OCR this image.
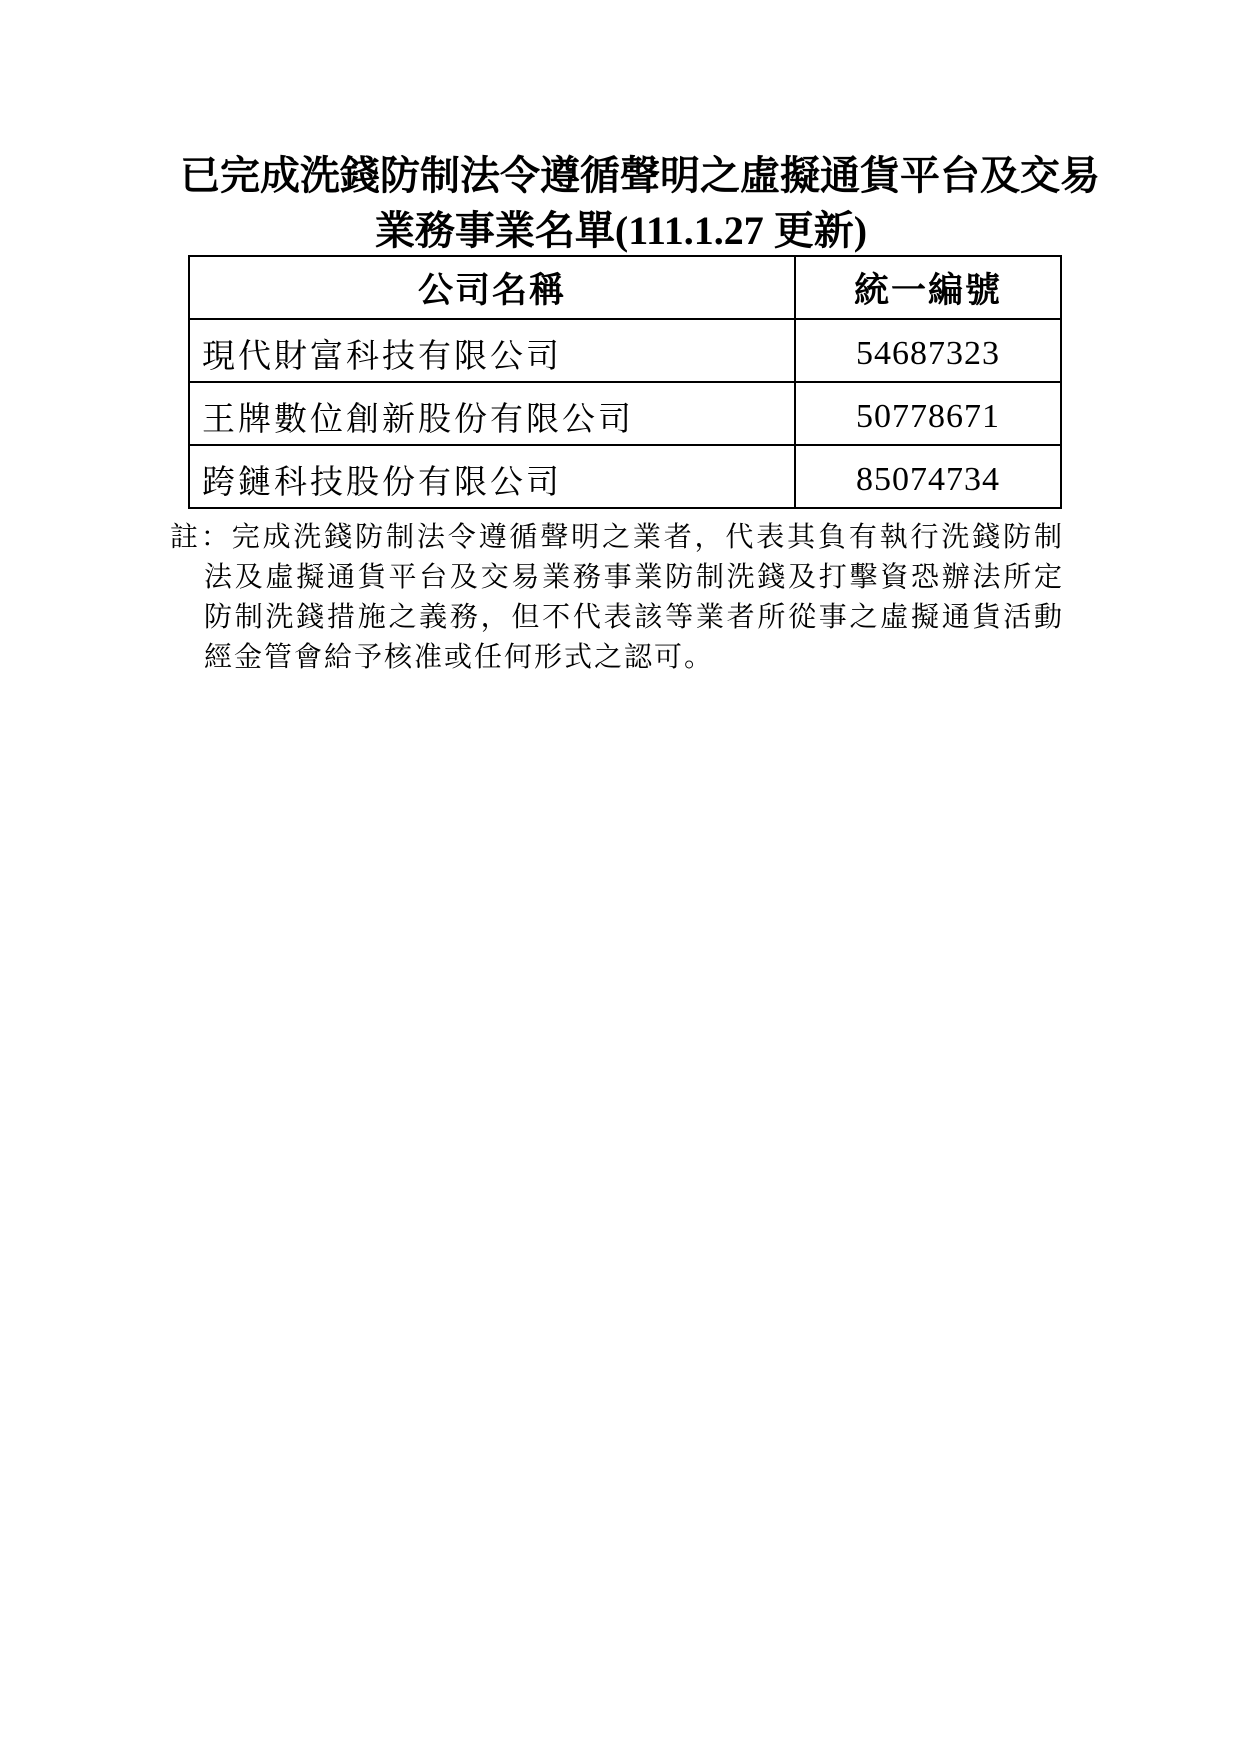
已完成洗錢防制法令遵循聲明之虛擬通貨平台及交易
業務事業名單(111.1.27 更新)
公司名稱	統一編號
現代財富科技有限公司	54687323
王牌數位創新股份有限公司	50778671
跨鏈科技股份有限公司	85074734
註：完成洗錢防制法令遵循聲明之業者，代表其負有執行洗錢防制法及虛擬通貨平台及交易業務事業防制洗錢及打擊資恐辦法所定防制洗錢措施之義務，但不代表該等業者所從事之虛擬通貨活動經金管會給予核准或任何形式之認可。
